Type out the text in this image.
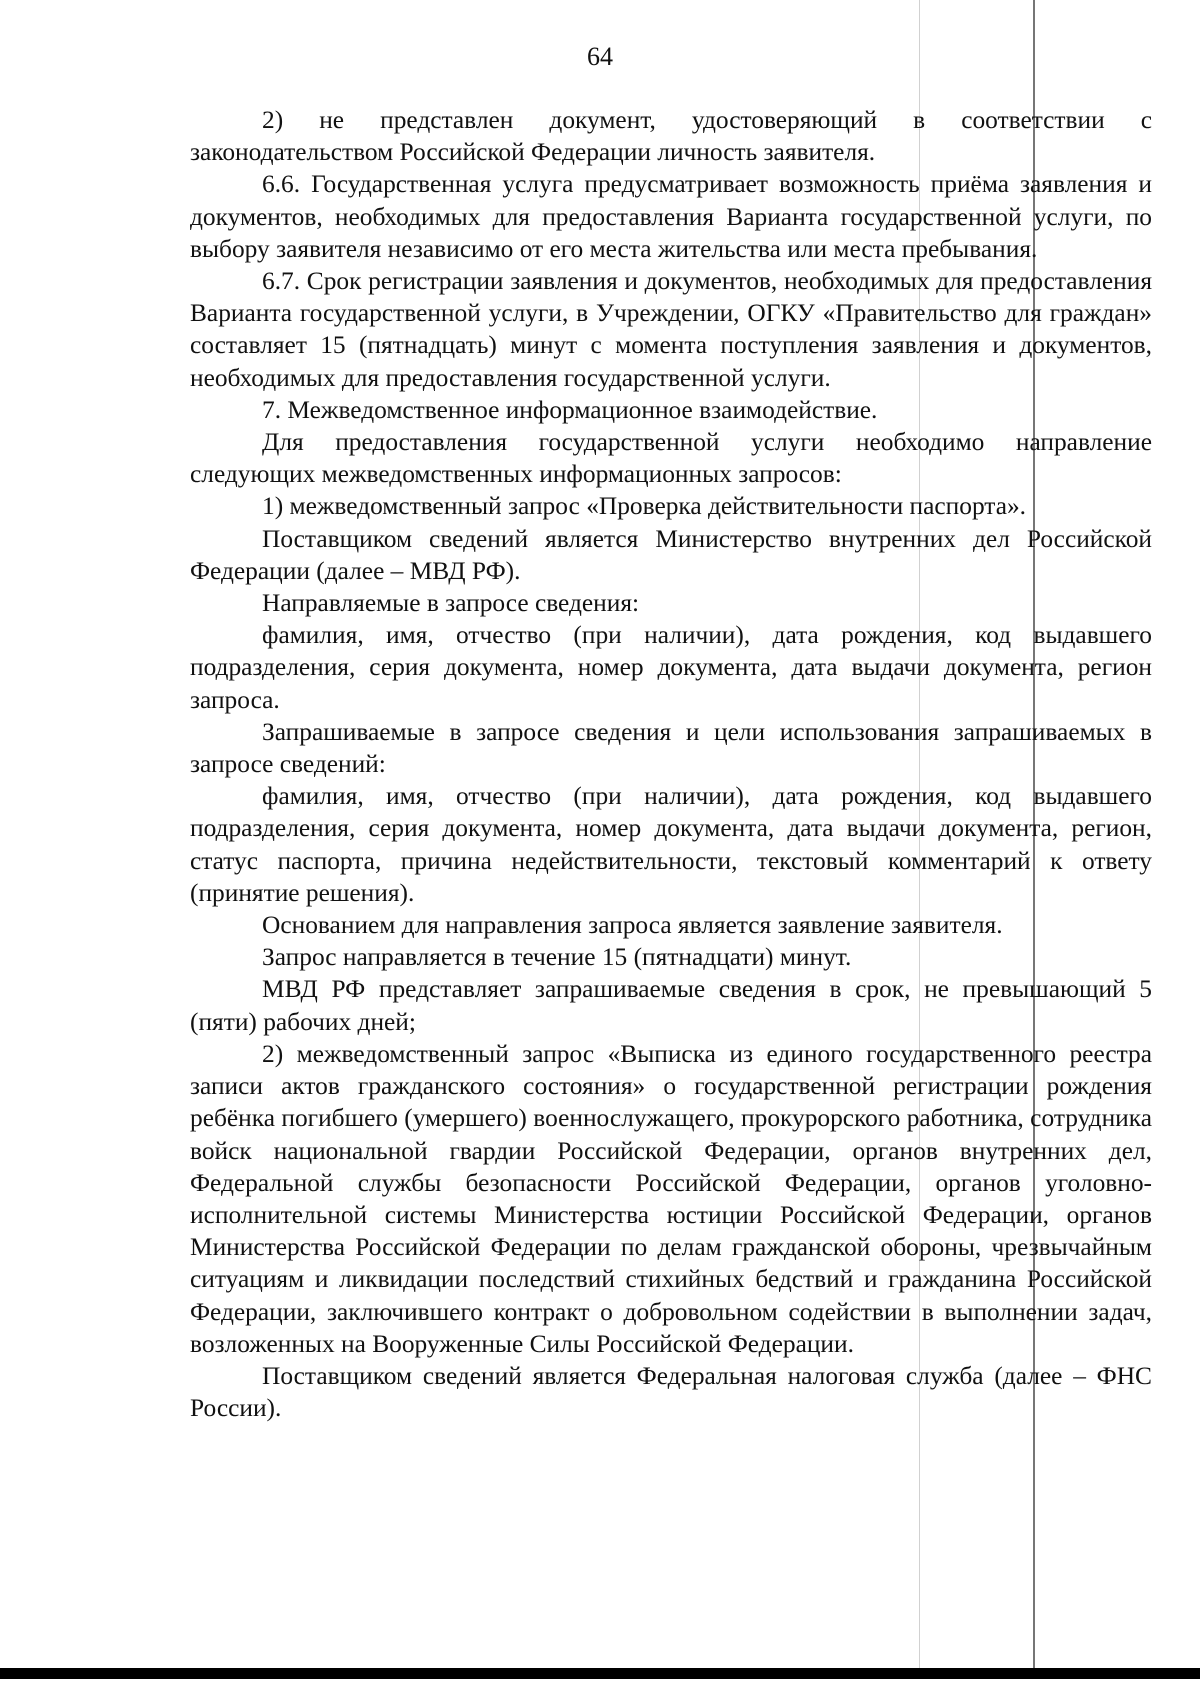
64

2) не представлен документ, удостоверяющий в соответствии с законодательством Российской Федерации личность заявителя.

6.6. Государственная услуга предусматривает возможность приёма заявления и документов, необходимых для предоставления Варианта государственной услуги, по выбору заявителя независимо от его места жительства или места пребывания.

6.7. Срок регистрации заявления и документов, необходимых для предоставления Варианта государственной услуги, в Учреждении, ОГКУ «Правительство для граждан» составляет 15 (пятнадцать) минут с момента поступления заявления и документов, необходимых для предоставления государственной услуги.

7. Межведомственное информационное взаимодействие.

Для предоставления государственной услуги необходимо направление следующих межведомственных информационных запросов:

1) межведомственный запрос «Проверка действительности паспорта».

Поставщиком сведений является Министерство внутренних дел Российской Федерации (далее – МВД РФ).

Направляемые в запросе сведения:

фамилия, имя, отчество (при наличии), дата рождения, код выдавшего подразделения, серия документа, номер документа, дата выдачи документа, регион запроса.

Запрашиваемые в запросе сведения и цели использования запрашиваемых в запросе сведений:

фамилия, имя, отчество (при наличии), дата рождения, код выдавшего подразделения, серия документа, номер документа, дата выдачи документа, регион, статус паспорта, причина недействительности, текстовый комментарий к ответу (принятие решения).

Основанием для направления запроса является заявление заявителя.

Запрос направляется в течение 15 (пятнадцати) минут.

МВД РФ представляет запрашиваемые сведения в срок, не превышающий 5 (пяти) рабочих дней;

2) межведомственный запрос «Выписка из единого государственного реестра записи актов гражданского состояния» о государственной регистрации рождения ребёнка погибшего (умершего) военнослужащего, прокурорского работника, сотрудника войск национальной гвардии Российской Федерации, органов внутренних дел, Федеральной службы безопасности Российской Федерации, органов уголовно-исполнительной системы Министерства юстиции Российской Федерации, органов Министерства Российской Федерации по делам гражданской обороны, чрезвычайным ситуациям и ликвидации последствий стихийных бедствий и гражданина Российской Федерации, заключившего контракт о добровольном содействии в выполнении задач, возложенных на Вооруженные Силы Российской Федерации.

Поставщиком сведений является Федеральная налоговая служба (далее – ФНС России).
